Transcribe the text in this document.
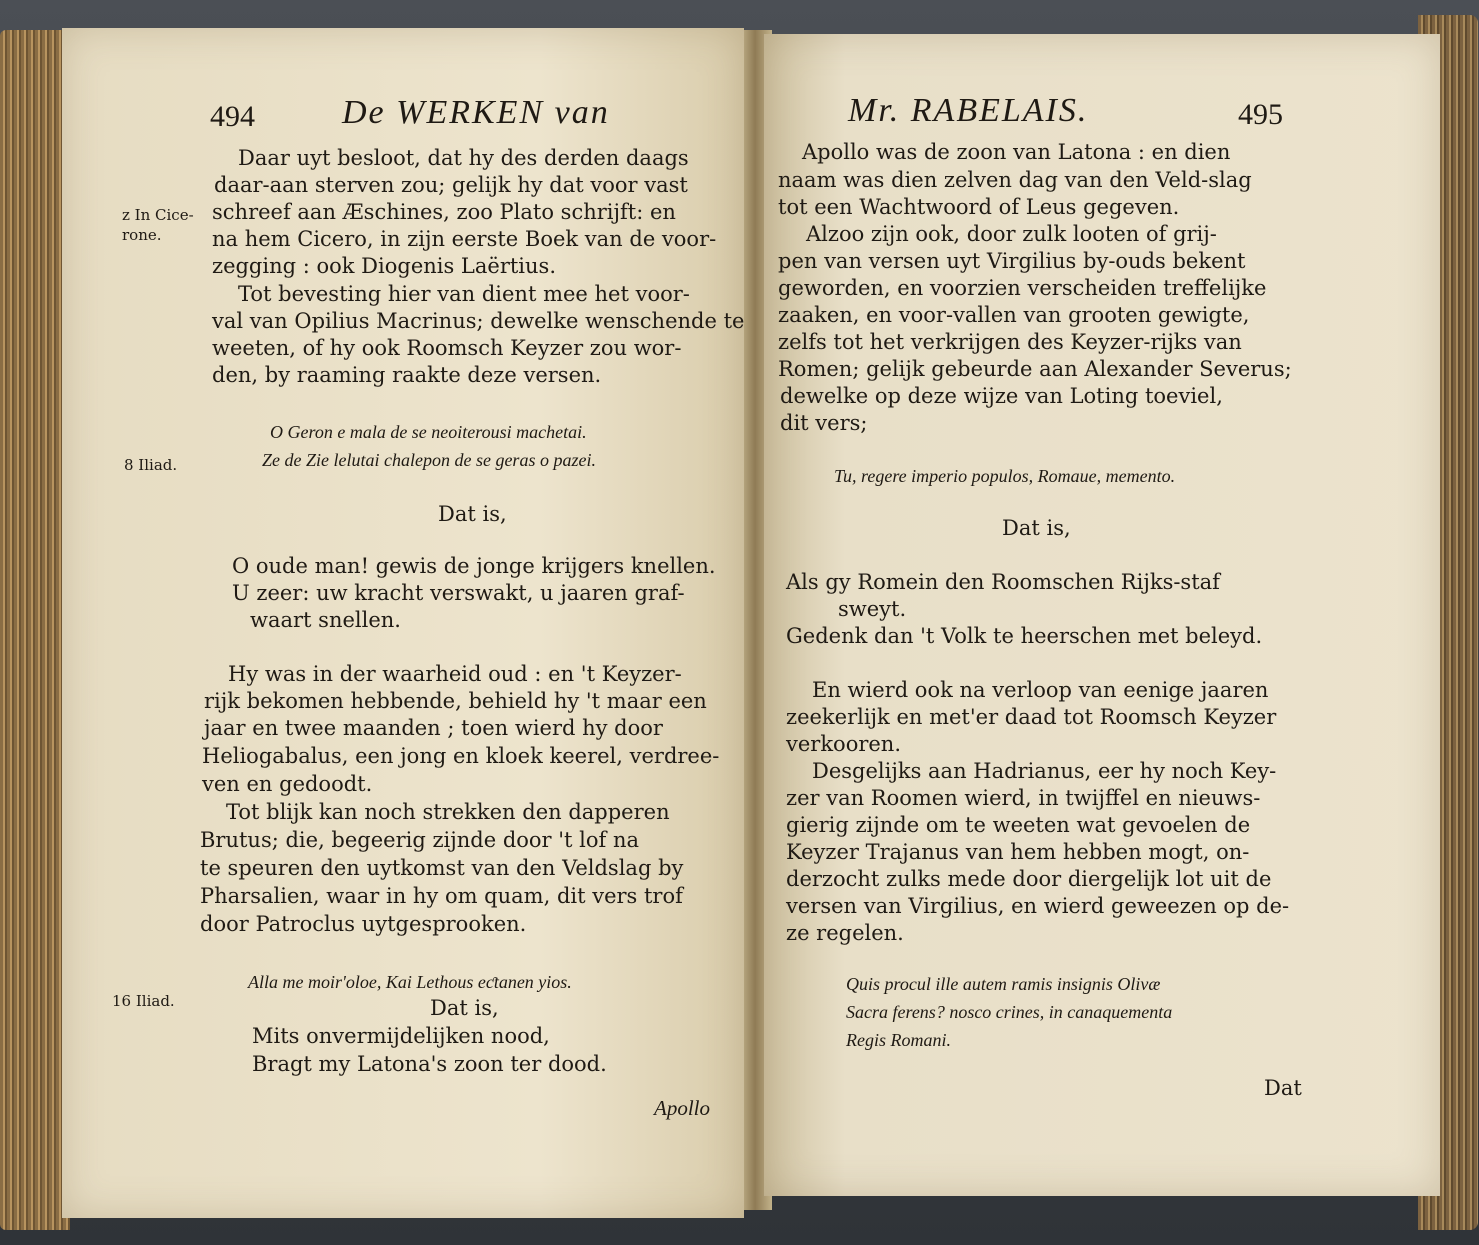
494	De WERKEN van
z In Cice-
rone.
8 Iliad.
16 Iliad.
Daar uyt besloot, dat hy des derden daags
daar-aan sterven zou; gelijk hy dat voor vast
schreef aan Æschines, zoo Plato schrijft: en
na hem Cicero, in zijn eerste Boek van de voor-
zegging : ook Diogenis Laërtius.
Tot bevesting hier van dient mee het voor-
val van Opilius Macrinus; dewelke wenschende te
weeten, of hy ook Roomsch Keyzer zou wor-
den, by raaming raakte deze versen.
O Geron e mala de se neoiterousi machetai.
Ze de Zie lelutai chalepon de se geras o pazei.
Dat is,
O oude man! gewis de jonge krijgers knellen.
U zeer: uw kracht verswakt, u jaaren graf-
waart snellen.
Hy was in der waarheid oud : en 't Keyzer-
rijk bekomen hebbende, behield hy 't maar een
jaar en twee maanden ; toen wierd hy door
Heliogabalus, een jong en kloek keerel, verdree-
ven en gedoodt.
Tot blijk kan noch strekken den dapperen
Brutus; die, begeerig zijnde door 't lof na
te speuren den uytkomst van den Veldslag by
Pharsalien, waar in hy om quam, dit vers trof
door Patroclus uytgesprooken.
Alla me moir'oloe, Kai Lethous eƈtanen yios.
Dat is,
Mits onvermijdelijken nood,
Bragt my Latona's zoon ter dood.
Apollo
Mr. RABELAIS.	495
Apollo was de zoon van Latona : en dien
naam was dien zelven dag van den Veld-slag
tot een Wachtwoord of Leus gegeven.
Alzoo zijn ook, door zulk looten of grij-
pen van versen uyt Virgilius by-ouds bekent
geworden, en voorzien verscheiden treffelijke
zaaken, en voor-vallen van grooten gewigte,
zelfs tot het verkrijgen des Keyzer-rijks van
Romen; gelijk gebeurde aan Alexander Severus;
dewelke op deze wijze van Loting toeviel,
dit vers;
Tu, regere imperio populos, Romaue, memento.
Dat is,
Als gy Romein den Roomschen Rijks-staf
sweyt.
Gedenk dan 't Volk te heerschen met beleyd.
En wierd ook na verloop van eenige jaaren
zeekerlijk en met'er daad tot Roomsch Keyzer
verkooren.
Desgelijks aan Hadrianus, eer hy noch Key-
zer van Roomen wierd, in twijffel en nieuws-
gierig zijnde om te weeten wat gevoelen de
Keyzer Trajanus van hem hebben mogt, on-
derzocht zulks mede door diergelijk lot uit de
versen van Virgilius, en wierd geweezen op de-
ze regelen.
Quis procul ille autem ramis insignis Olivæ
Sacra ferens? nosco crines, in canaquementa
Regis Romani.
Dat
